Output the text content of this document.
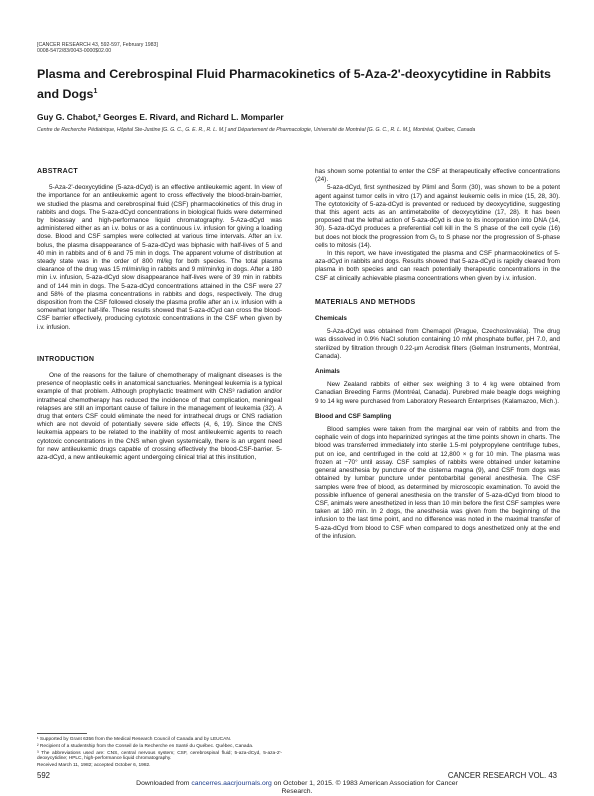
[CANCER RESEARCH 43, 592-597, February 1983]
0008-5472/83/0043-0000$02.00
Plasma and Cerebrospinal Fluid Pharmacokinetics of 5-Aza-2'-deoxycytidine in Rabbits and Dogs$^1$
Guy G. Chabot,² Georges E. Rivard, and Richard L. Momparler
Centre de Recherche Pédiatrique, Hôpital Ste-Justine [G. G. C., G. E. R., R. L. M.] and Département de Pharmacologie, Université de Montréal [G. G. C., R. L. M.], Montréal, Québec, Canada
ABSTRACT

5-Aza-2'-deoxycytidine (5-aza-dCyd) is an effective antileukemic agent. In view of the importance for an antileukemic agent to cross effectively the blood-brain-barrier, we studied the plasma and cerebrospinal fluid (CSF) pharmacokinetics of this drug in rabbits and dogs. The 5-aza-dCyd concentrations in biological fluids were determined by bioassay and high-performance liquid chromatography. 5-Aza-dCyd was administered either as an i.v. bolus or as a continuous i.v. infusion for giving a loading dose. Blood and CSF samples were collected at various time intervals. After an i.v. bolus, the plasma disappearance of 5-aza-dCyd was biphasic with half-lives of 5 and 40 min in rabbits and of 6 and 75 min in dogs. The apparent volume of distribution at steady state was in the order of 800 ml/kg for both species. The total plasma clearance of the drug was 15 ml/min/kg in rabbits and 9 ml/min/kg in dogs. After a 180 min i.v. infusion, 5-aza-dCyd slow disappearance half-lives were of 39 min in rabbits and of 144 min in dogs. The 5-aza-dCyd concentrations attained in the CSF were 27 and 58% of the plasma concentrations in rabbits and dogs, respectively. The drug disposition from the CSF followed closely the plasma profile after an i.v. infusion with a somewhat longer half-life. These results showed that 5-aza-dCyd can cross the blood-CSF barrier effectively, producing cytotoxic concentrations in the CSF when given by i.v. infusion.

INTRODUCTION

One of the reasons for the failure of chemotherapy of malignant diseases is the presence of neoplastic cells in anatomical sanctuaries. Meningeal leukemia is a typical example of that problem. Although prophylactic treatment with CNS³ radiation and/or intrathecal chemotherapy has reduced the incidence of that complication, meningeal relapses are still an important cause of failure in the management of leukemia (32). A drug that enters CSF could eliminate the need for intrathecal drugs or CNS radiation which are not devoid of potentially severe side effects (4, 6, 19). Since the CNS leukemia appears to be related to the inability of most antileukemic agents to reach cytotoxic concentrations in the CNS when given systemically, there is an urgent need for new antileukemic drugs capable of crossing effectively the blood-CSF-barrier. 5-aza-dCyd, a new antileukemic agent undergoing clinical trial at this institution,

¹ Supported by Grant 6356 from the Medical Research Council of Canada and by LEUCAN.
² Recipient of a studentship from the Conseil de la Recherche en Santé du Québec. Québec, Canada.
³ The abbreviations used are: CNS, central nervous system; CSF, cerebrospinal fluid; 5-aza-dCyd, 5-aza-2'-deoxycytidine; HPLC, high-performance liquid chromatography.
Received March 11, 1982; accepted October 6, 1982.
has shown some potential to enter the CSF at therapeutically effective concentrations (24).

5-aza-dCyd, first synthesized by Pliml and Šorm (30), was shown to be a potent agent against tumor cells in vitro (17) and against leukemic cells in mice (15, 28, 30). The cytotoxicity of 5-aza-dCyd is prevented or reduced by deoxycytidine, suggesting that this agent acts as an antimetabolite of deoxycytidine (17, 28). It has been proposed that the lethal action of 5-aza-dCyd is due to its incorporation into DNA (14, 30). 5-aza-dCyd produces a preferential cell kill in the S phase of the cell cycle (16) but does not block the progression from G₁ to S phase nor the progression of S-phase cells to mitosis (14).

In this report, we have investigated the plasma and CSF pharmacokinetics of 5-aza-dCyd in rabbits and dogs. Results showed that 5-aza-dCyd is rapidly cleared from plasma in both species and can reach potentially therapeutic concentrations in the CSF at clinically achievable plasma concentrations when given by i.v. infusion.

MATERIALS AND METHODS
Chemicals

5-Aza-dCyd was obtained from Chemapol (Prague, Czechoslovakia). The drug was dissolved in 0.9% NaCl solution containing 10 mM phosphate buffer, pH 7.0, and sterilized by filtration through 0.22-µm Acrodisk filters (Gelman Instruments, Montréal, Canada).

Animals

New Zealand rabbits of either sex weighing 3 to 4 kg were obtained from Canadian Breeding Farms (Montréal, Canada). Purebred male beagle dogs weighing 9 to 14 kg were purchased from Laboratory Research Enterprises (Kalamazoo, Mich.).

Blood and CSF Sampling

Blood samples were taken from the marginal ear vein of rabbits and from the cephalic vein of dogs into heparinized syringes at the time points shown in charts. The blood was transferred immediately into sterile 1.5-ml polypropylene centrifuge tubes, put on ice, and centrifuged in the cold at 12,800 × g for 10 min. The plasma was frozen at −70° until assay. CSF samples of rabbits were obtained under ketamine general anesthesia by puncture of the cisterna magna (9), and CSF from dogs was obtained by lumbar puncture under pentobarbital general anesthesia. The CSF samples were free of blood, as determined by microscopic examination. To avoid the possible influence of general anesthesia on the transfer of 5-aza-dCyd from blood to CSF, animals were anesthetized in less than 10 min before the first CSF samples were taken at 180 min. In 2 dogs, the anesthesia was given from the beginning of the infusion to the last time point, and no difference was noted in the maximal transfer of 5-aza-dCyd from blood to CSF when compared to dogs anesthetized only at the end of the infusion.

592	CANCER RESEARCH VOL. 43
Downloaded from cancerres.aacrjournals.org on October 1, 2015. © 1983 American Association for Cancer
Research.
